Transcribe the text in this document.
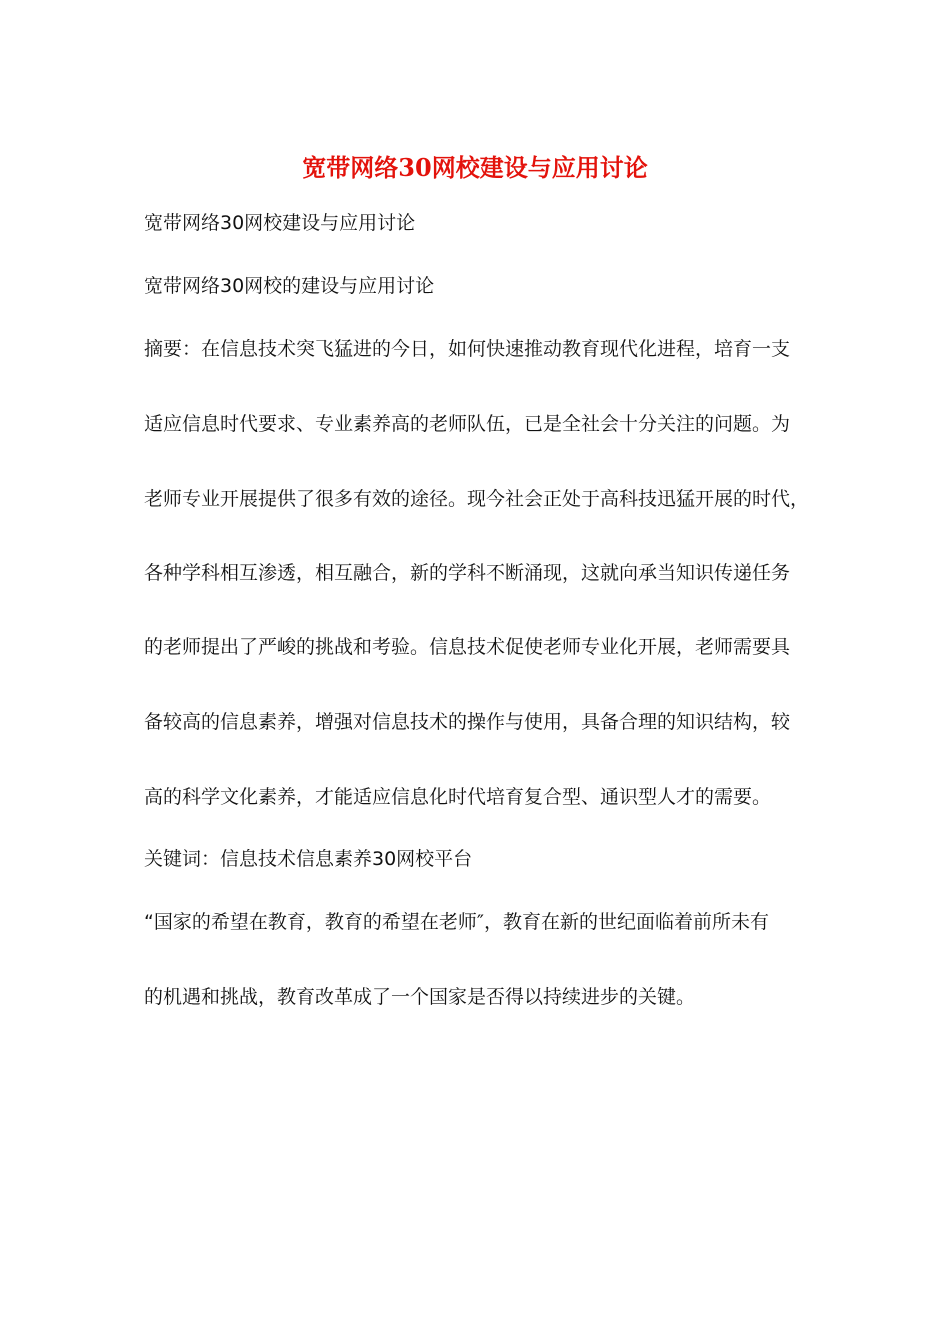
宽带网络30网校建设与应用讨论
宽带网络30网校建设与应用讨论
宽带网络30网校的建设与应用讨论
摘要：在信息技术突飞猛进的今日，如何快速推动教育现代化进程，培育一支
适应信息时代要求、专业素养高的老师队伍，已是全社会十分关注的问题。为
老师专业开展提供了很多有效的途径。现今社会正处于高科技迅猛开展的时代，
各种学科相互渗透，相互融合，新的学科不断涌现，这就向承当知识传递任务
的老师提出了严峻的挑战和考验。信息技术促使老师专业化开展，老师需要具
备较高的信息素养，增强对信息技术的操作与使用，具备合理的知识结构，较
高的科学文化素养，才能适应信息化时代培育复合型、通识型人才的需要。
关键词：信息技术信息素养30网校平台
“国家的希望在教育，教育的希望在老师″，教育在新的世纪面临着前所未有
的机遇和挑战，教育改革成了一个国家是否得以持续进步的关键。
